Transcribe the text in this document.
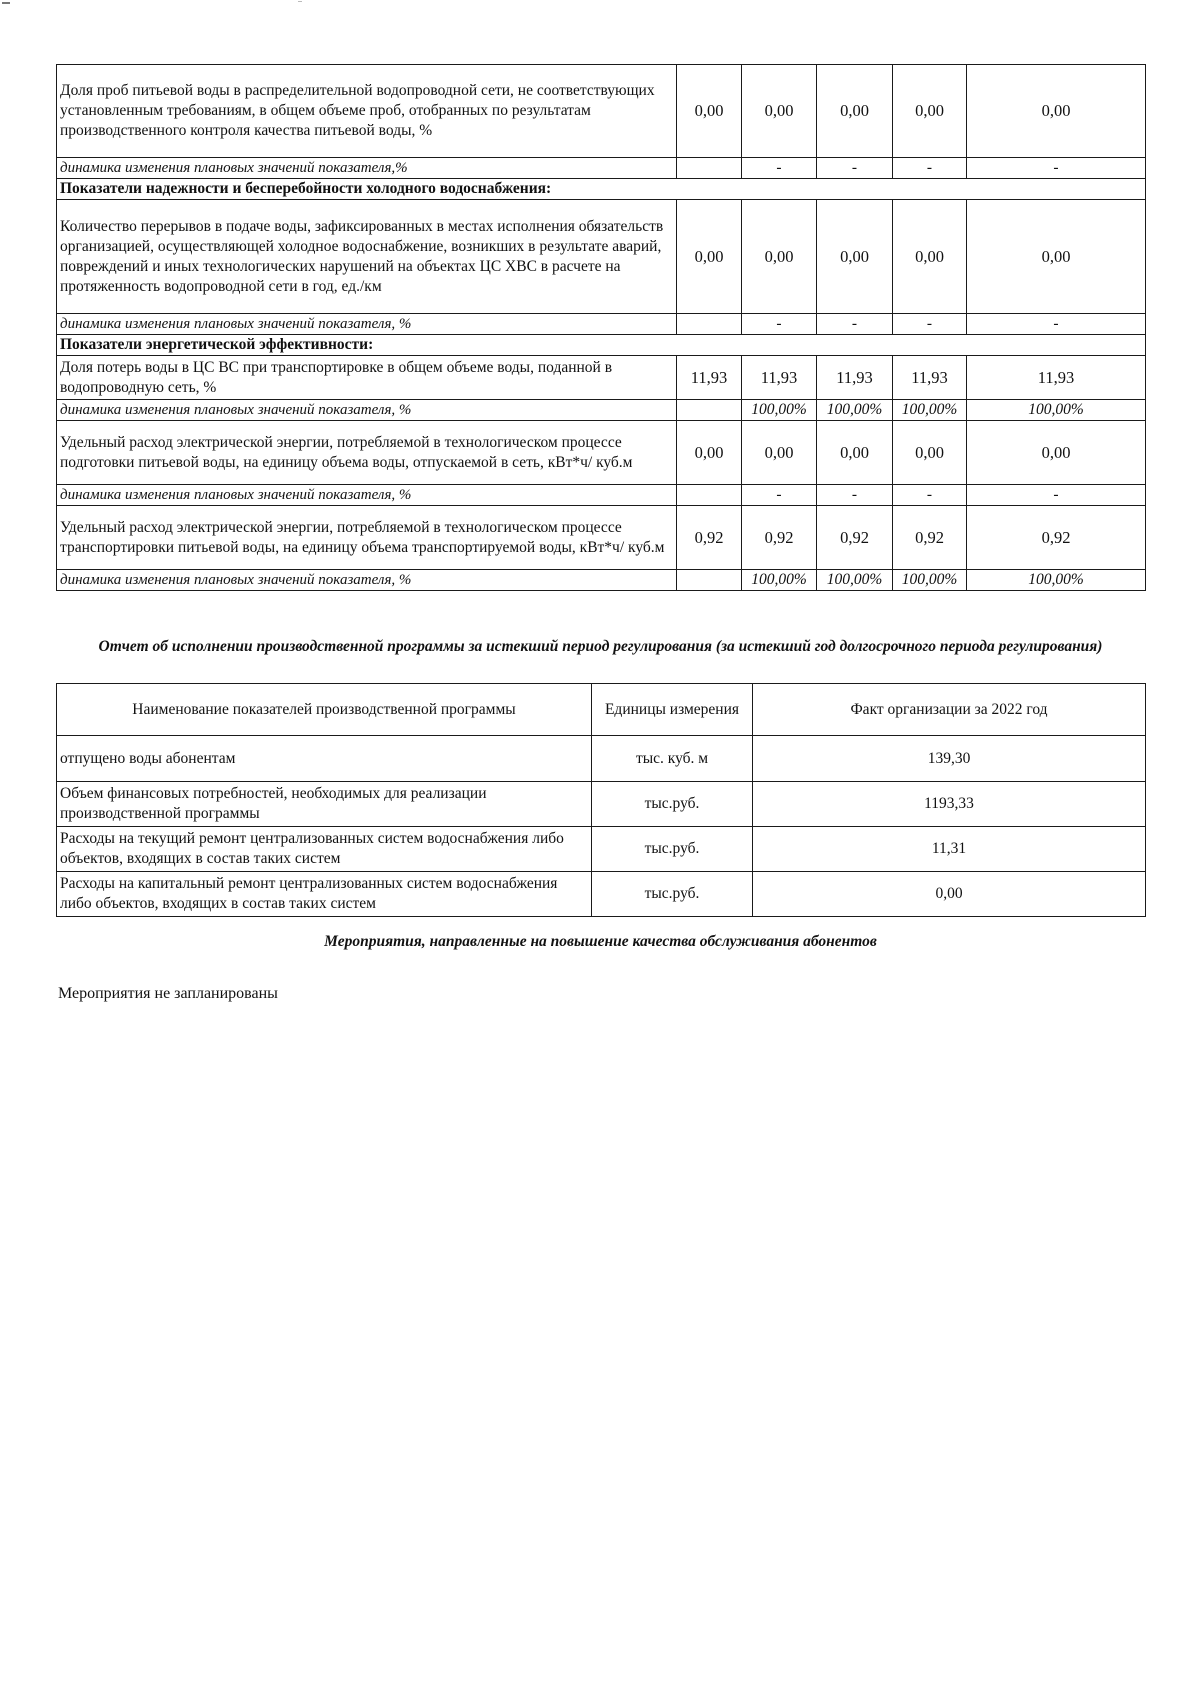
Доля проб питьевой воды в распределительной водопроводной сети, не соответствующих установленным требованиям, в общем объеме проб, отобранных по результатам производственного контроля качества питьевой воды, %	0,00	0,00	0,00	0,00	0,00
динамика изменения плановых значений показателя,%		-	-	-	-
Показатели надежности и бесперебойности холодного водоснабжения:					
Количество перерывов в подаче воды, зафиксированных в местах исполнения обязательств организацией, осуществляющей холодное водоснабжение, возникших в результате аварий, повреждений и иных технологических нарушений на объектах ЦС ХВС в расчете на протяженность водопроводной сети в год, ед./км	0,00	0,00	0,00	0,00	0,00
динамика изменения плановых значений показателя, %		-	-	-	-
Показатели энергетической эффективности:					
Доля потерь воды в ЦС ВС при транспортировке в общем объеме воды, поданной в водопроводную сеть, %	11,93	11,93	11,93	11,93	11,93
динамика изменения плановых значений показателя, %		100,00%	100,00%	100,00%	100,00%
Удельный расход электрической энергии, потребляемой в технологическом процессе подготовки питьевой воды, на единицу объема воды, отпускаемой в сеть, кВт*ч/ куб.м	0,00	0,00	0,00	0,00	0,00
динамика изменения плановых значений показателя, %		-	-	-	-
Удельный расход электрической энергии, потребляемой в технологическом процессе транспортировки питьевой воды, на единицу объема транспортируемой воды, кВт*ч/ куб.м	0,92	0,92	0,92	0,92	0,92
динамика изменения плановых значений показателя, %		100,00%	100,00%	100,00%	100,00%
Отчет об исполнении производственной программы за истекший период регулирования (за истекший год долгосрочного периода регулирования)
Наименование показателей производственной программы	Единицы измерения	Факт организации за 2022 год
отпущено воды абонентам	тыс. куб. м	139,30
Объем финансовых потребностей, необходимых для реализации производственной программы	тыс.руб.	1193,33
Расходы на текущий ремонт централизованных систем водоснабжения либо объектов, входящих в состав таких систем	тыс.руб.	11,31
Расходы на капитальный ремонт централизованных систем водоснабжения либо объектов, входящих в состав таких систем	тыс.руб.	0,00
Мероприятия, направленные на повышение качества обслуживания абонентов
Мероприятия не запланированы
